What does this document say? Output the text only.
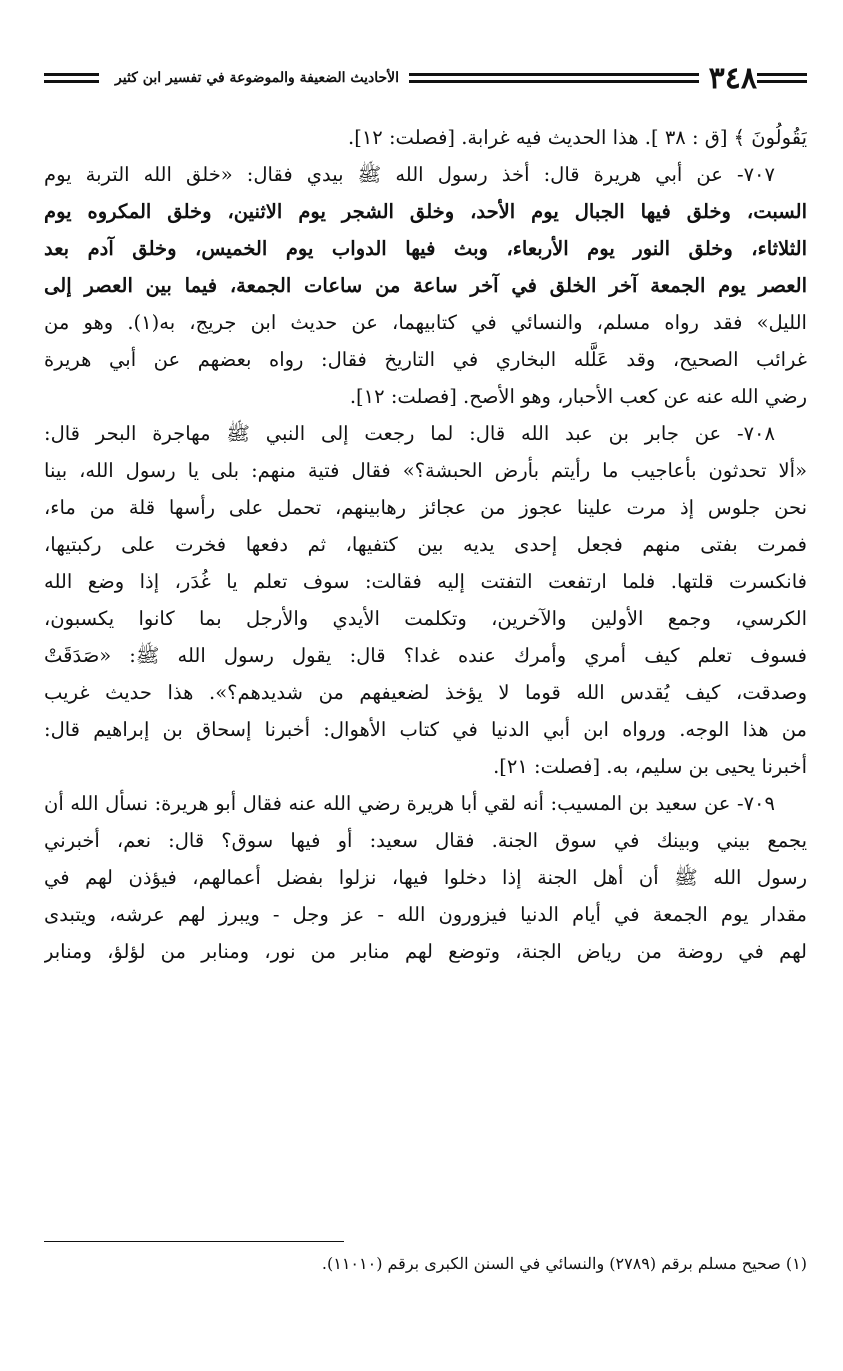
٣٤٨
الأحاديث الضعيفة والموضوعة في تفسير ابن كثير
يَقُولُونَ ﴾ [ق : ٣٨ ]. هذا الحديث فيه غرابة. [فصلت: ١٢].
٧٠٧- عن أبي هريرة قال: أخذ رسول الله ﷺ بيدي فقال: «خلق الله التربة يوم
السبت، وخلق فيها الجبال يوم الأحد، وخلق الشجر يوم الاثنين، وخلق المكروه يوم
الثلاثاء، وخلق النور يوم الأربعاء، وبث فيها الدواب يوم الخميس، وخلق آدم بعد
العصر يوم الجمعة آخر الخلق في آخر ساعة من ساعات الجمعة، فيما بين العصر إلى
الليل» فقد رواه مسلم، والنسائي في كتابيهما، عن حديث ابن جريج، به(١). وهو من
غرائب الصحيح، وقد عَلَّله البخاري في التاريخ فقال: رواه بعضهم عن أبي هريرة
رضي الله عنه عن كعب الأحبار، وهو الأصح. [فصلت: ١٢].
٧٠٨- عن جابر بن عبد الله قال: لما رجعت إلى النبي ﷺ مهاجرة البحر قال:
«ألا تحدثون بأعاجيب ما رأيتم بأرض الحبشة؟» فقال فتية منهم: بلى يا رسول الله، بينا
نحن جلوس إذ مرت علينا عجوز من عجائز رهابينهم، تحمل على رأسها قلة من ماء،
فمرت بفتى منهم فجعل إحدى يديه بين كتفيها، ثم دفعها فخرت على ركبتيها،
فانكسرت قلتها. فلما ارتفعت التفتت إليه فقالت: سوف تعلم يا غُدَر، إذا وضع الله
الكرسي، وجمع الأولين والآخرين، وتكلمت الأيدي والأرجل بما كانوا يكسبون،
فسوف تعلم كيف أمري وأمرك عنده غدا؟ قال: يقول رسول الله ﷺ: «صَدَقَتْ
وصدقت، كيف يُقدس الله قوما لا يؤخذ لضعيفهم من شديدهم؟». هذا حديث غريب
من هذا الوجه. ورواه ابن أبي الدنيا في كتاب الأهوال: أخبرنا إسحاق بن إبراهيم قال:
أخبرنا يحيى بن سليم، به. [فصلت: ٢١].
٧٠٩- عن سعيد بن المسيب: أنه لقي أبا هريرة رضي الله عنه فقال أبو هريرة: نسأل الله أن
يجمع بيني وبينك في سوق الجنة. فقال سعيد: أو فيها سوق؟ قال: نعم، أخبرني
رسول الله ﷺ أن أهل الجنة إذا دخلوا فيها، نزلوا بفضل أعمالهم، فيؤذن لهم في
مقدار يوم الجمعة في أيام الدنيا فيزورون الله - عز وجل - ويبرز لهم عرشه، ويتبدى
لهم في روضة من رياض الجنة، وتوضع لهم منابر من نور، ومنابر من لؤلؤ، ومنابر
(١) صحيح مسلم برقم (٢٧٨٩) والنسائي في السنن الكبرى برقم (١١٠١٠).
